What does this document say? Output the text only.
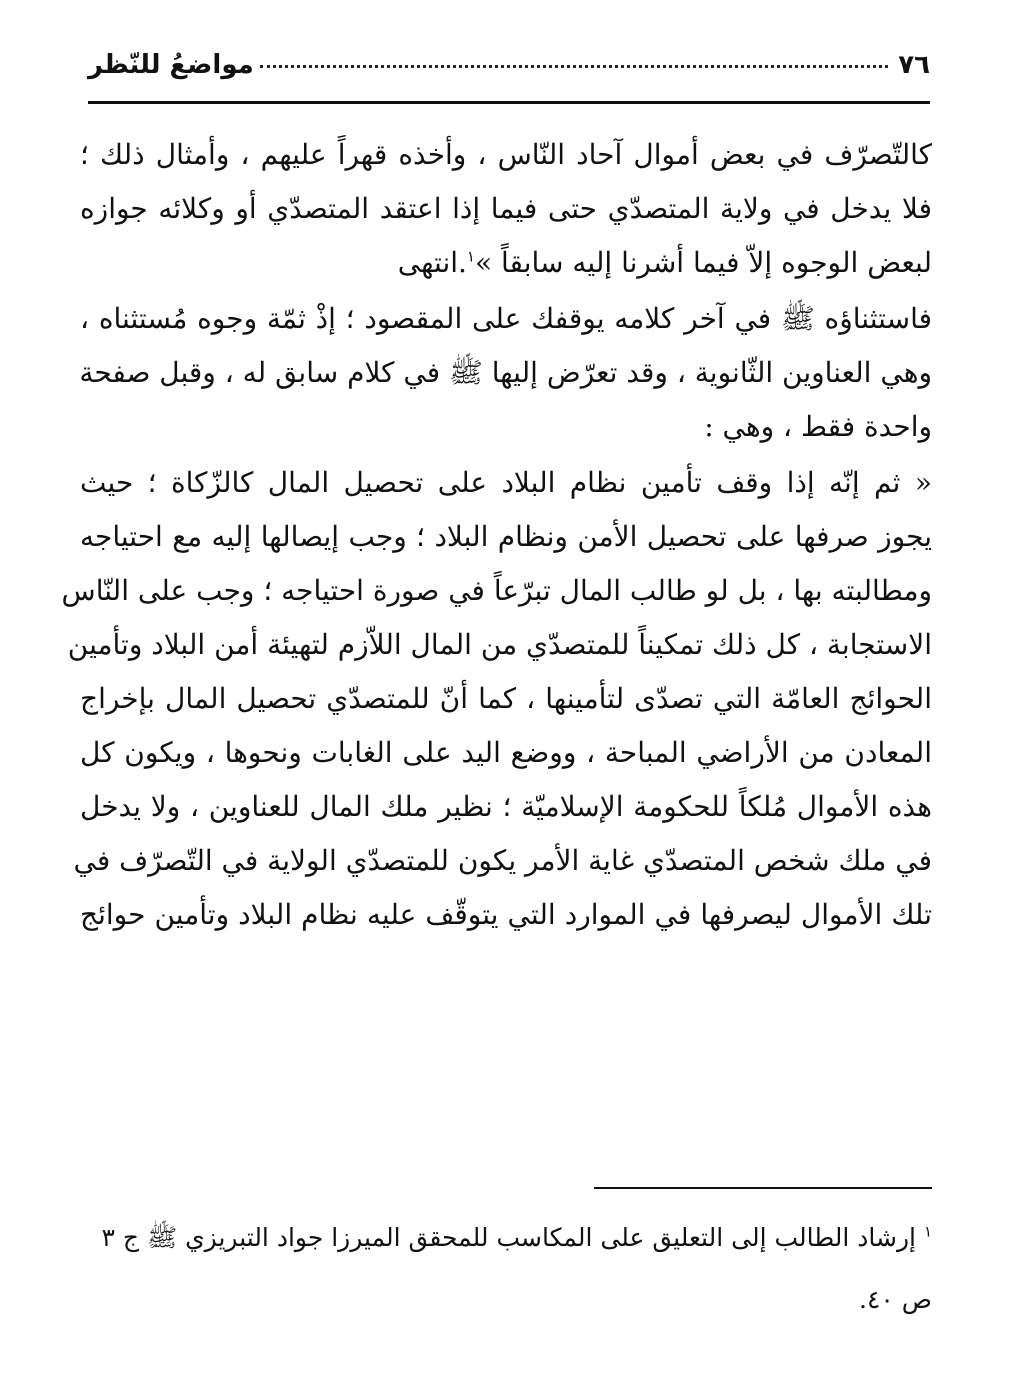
٧٦
مواضعُ للنّظر
كالتّصرّف في بعض أموال آحاد النّاس ، وأخذه قهراً عليهم ، وأمثال ذلك ؛
فلا يدخل في ولاية المتصدّي حتى فيما إذا اعتقد المتصدّي أو وكلائه جوازه
لبعض الوجوه إلاّ فيما أشرنا إليه سابقاً »$^١$.انتهى
فاستثناؤه ﷺ في آخر كلامه يوقفك على المقصود ؛ إذْ ثمّة وجوه مُستثناه ،
وهي العناوين الثّانوية ، وقد تعرّض إليها ﷺ في كلام سابق له ، وقبل صفحة
واحدة فقط ، وهي :
« ثم إنّه إذا وقف تأمين نظام البلاد على تحصيل المال كالزّكاة ؛ حيث
يجوز صرفها على تحصيل الأمن ونظام البلاد ؛ وجب إيصالها إليه مع احتياجه
ومطالبته بها ، بل لو طالب المال تبرّعاً في صورة احتياجه ؛ وجب على النّاس
الاستجابة ، كل ذلك تمكيناً للمتصدّي من المال اللاّزم لتهيئة أمن البلاد وتأمين
الحوائج العامّة التي تصدّى لتأمينها ، كما أنّ للمتصدّي تحصيل المال بإخراج
المعادن من الأراضي المباحة ، ووضع اليد على الغابات ونحوها ، ويكون كل
هذه الأموال مُلكاً للحكومة الإسلاميّة ؛ نظير ملك المال للعناوين ، ولا يدخل
في ملك شخص المتصدّي غاية الأمر يكون للمتصدّي الولاية في التّصرّف في
تلك الأموال ليصرفها في الموارد التي يتوقّف عليه نظام البلاد وتأمين حوائج
$^١$ إرشاد الطالب إلى التعليق على المكاسب للمحقق الميرزا جواد التبريزي ﷺ ج ٣
ص ٤٠.
